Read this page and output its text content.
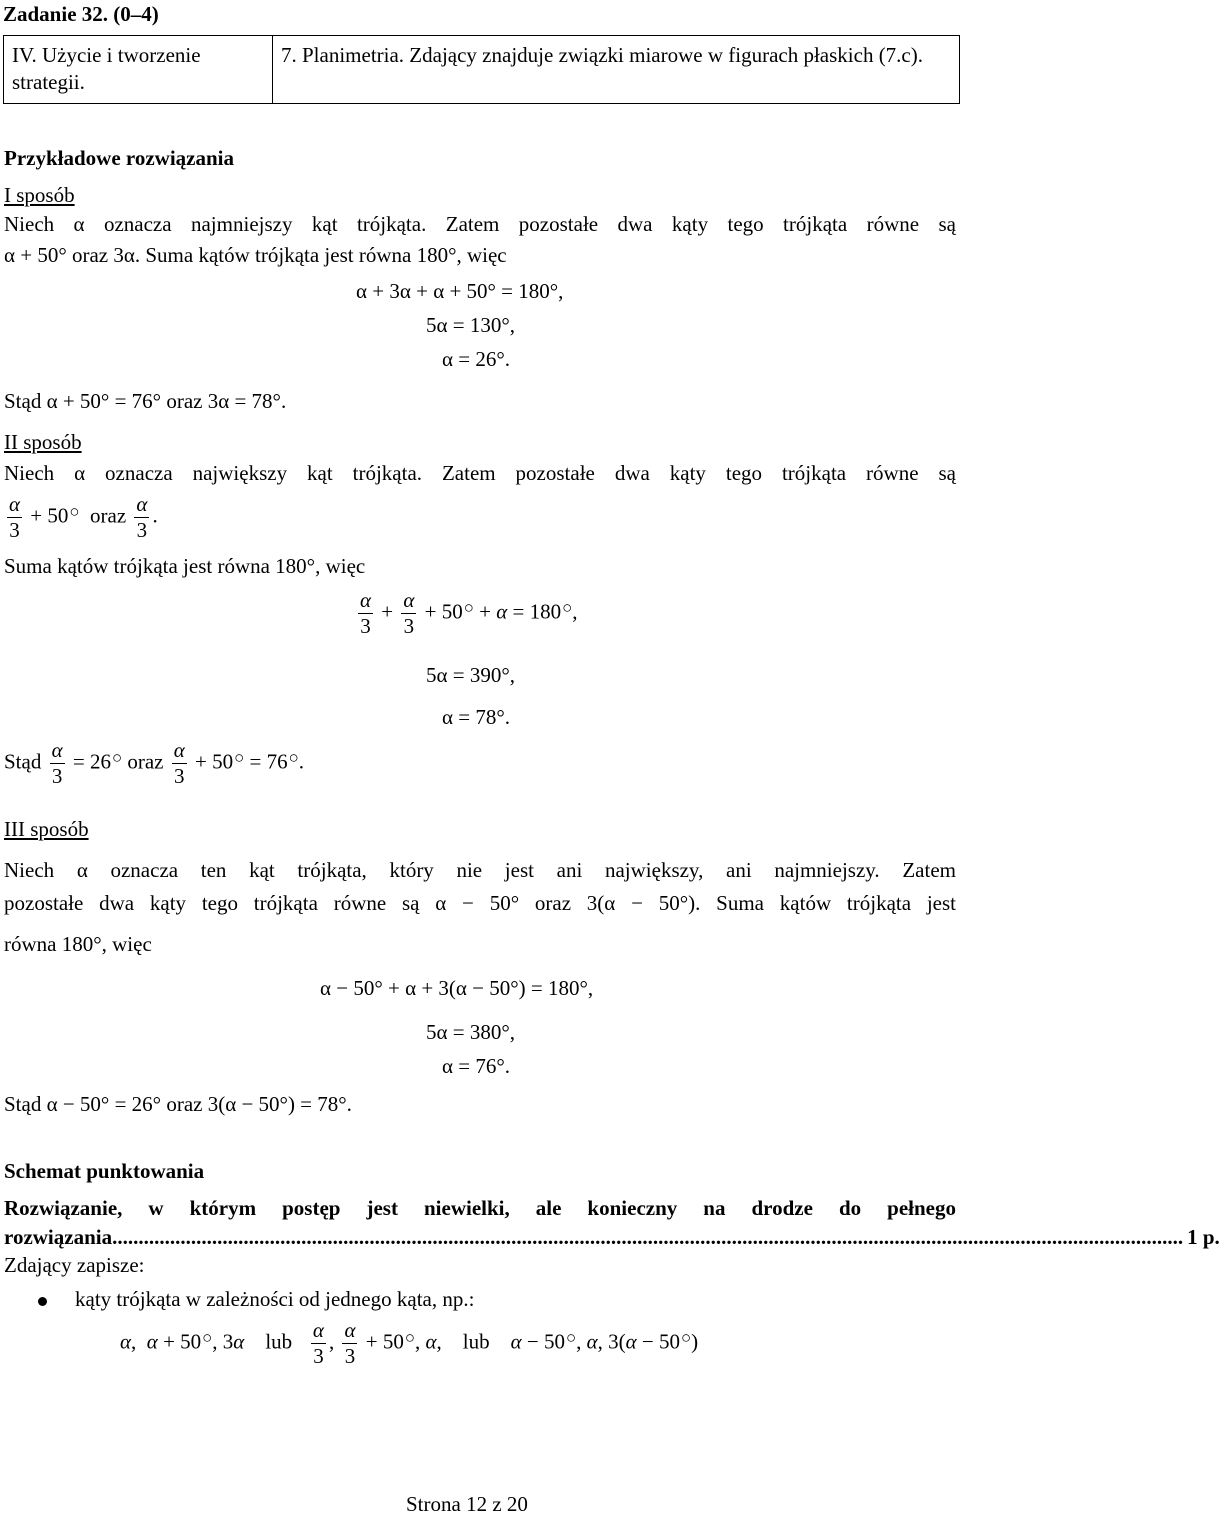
Zadanie 32. (0–4)
IV. Użycie i tworzenie strategii.	7. Planimetria. Zdający znajduje związki miarowe w figurach płaskich (7.c).
Przykładowe rozwiązania
I sposób
Niech α oznacza najmniejszy kąt trójkąta. Zatem pozostałe dwa kąty tego trójkąta równe są
α + 50° oraz 3α. Suma kątów trójkąta jest równa 180°, więc
α + 3α + α + 50° = 180°,
5α = 130°,
α = 26°.
Stąd α + 50° = 76° oraz 3α = 78°.
II sposób
Niech α oznacza największy kąt trójkąta. Zatem pozostałe dwa kąty tego trójkąta równe są
$\frac{\alpha}{3} + 50^○$  oraz $\frac{\alpha}{3}$ .
Suma kątów trójkąta jest równa 180°, więc
$\frac{\alpha}{3} + \frac{\alpha}{3} + 50^○ + \alpha = 180^○$,
5α = 390°,
α = 78°.
Stąd $\frac{\alpha}{3} = 26^○$ oraz $\frac{\alpha}{3} + 50^○ = 76^○$.
III sposób
Niech α oznacza ten kąt trójkąta, który nie jest ani największy, ani najmniejszy. Zatem
pozostałe dwa kąty tego trójkąta równe są α − 50° oraz 3(α − 50°). Suma kątów trójkąta jest
równa 180°, więc
α − 50° + α + 3(α − 50°) = 180°,
5α = 380°,
α = 76°.
Stąd α − 50° = 26° oraz 3(α − 50°) = 78°.
Schemat punktowania
Rozwiązanie, w którym postęp jest niewielki, ale konieczny na drodze do pełnego
rozwiązania ............................................................................................................................................................................................................ 1 p.
Zdający zapisze:
kąty trójkąta w zależności od jednego kąta, np.:
α,  α + 50○, 3α    lub $\frac{\alpha}{3}$ , $\frac{\alpha}{3} + 50^○$, α,    lub    α − 50○, α, 3(α − 50○)
Strona 12 z 20
